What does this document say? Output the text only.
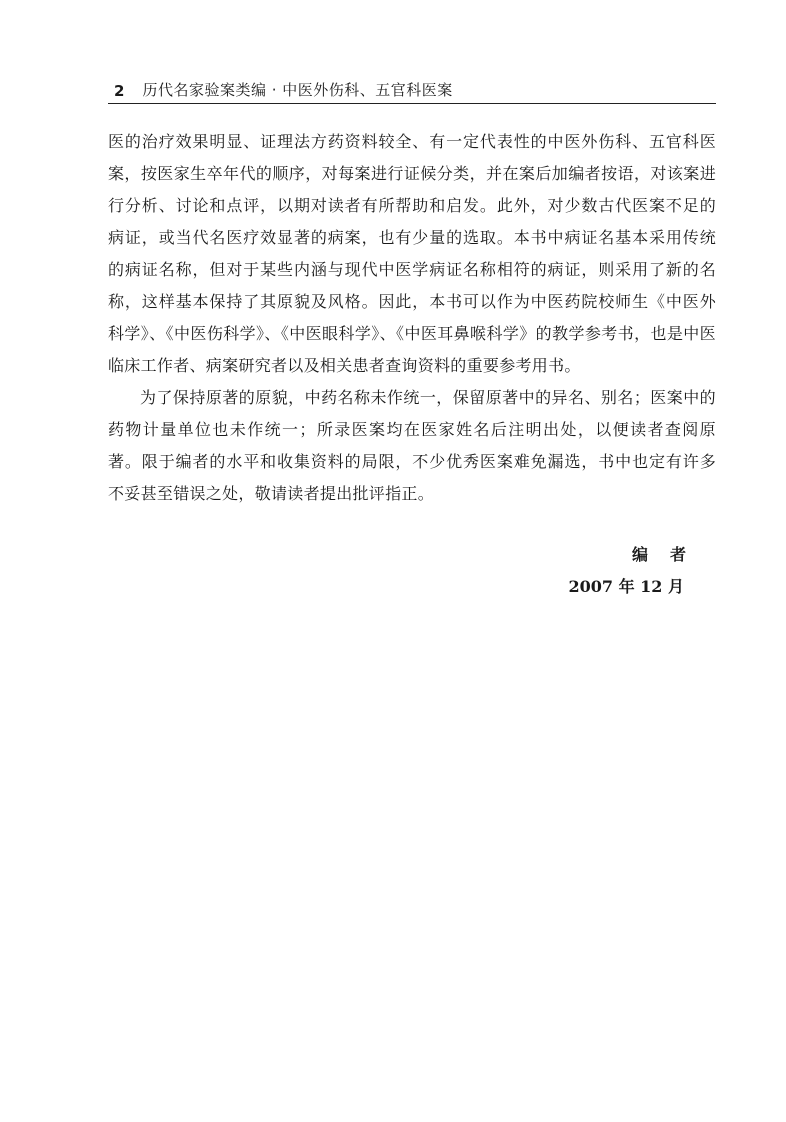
2 历代名家验案类编 · 中医外伤科、五官科医案

医的治疗效果明显、证理法方药资料较全、有一定代表性的中医外伤科、五官科医

案，按医家生卒年代的顺序，对每案进行证候分类，并在案后加编者按语，对该案进

行分析、讨论和点评，以期对读者有所帮助和启发。此外，对少数古代医案不足的

病证，或当代名医疗效显著的病案，也有少量的选取。本书中病证名基本采用传统

的病证名称，但对于某些内涵与现代中医学病证名称相符的病证，则采用了新的名

称，这样基本保持了其原貌及风格。因此，本书可以作为中医药院校师生《中医外

科学》、《中医伤科学》、《中医眼科学》、《中医耳鼻喉科学》的教学参考书，也是中医

临床工作者、病案研究者以及相关患者查询资料的重要参考用书。

为了保持原著的原貌，中药名称未作统一，保留原著中的异名、别名；医案中的

药物计量单位也未作统一；所录医案均在医家姓名后注明出处，以便读者查阅原

著。限于编者的水平和收集资料的局限，不少优秀医案难免漏选，书中也定有许多

不妥甚至错误之处，敬请读者提出批评指正。

编者
2007 年 12 月
